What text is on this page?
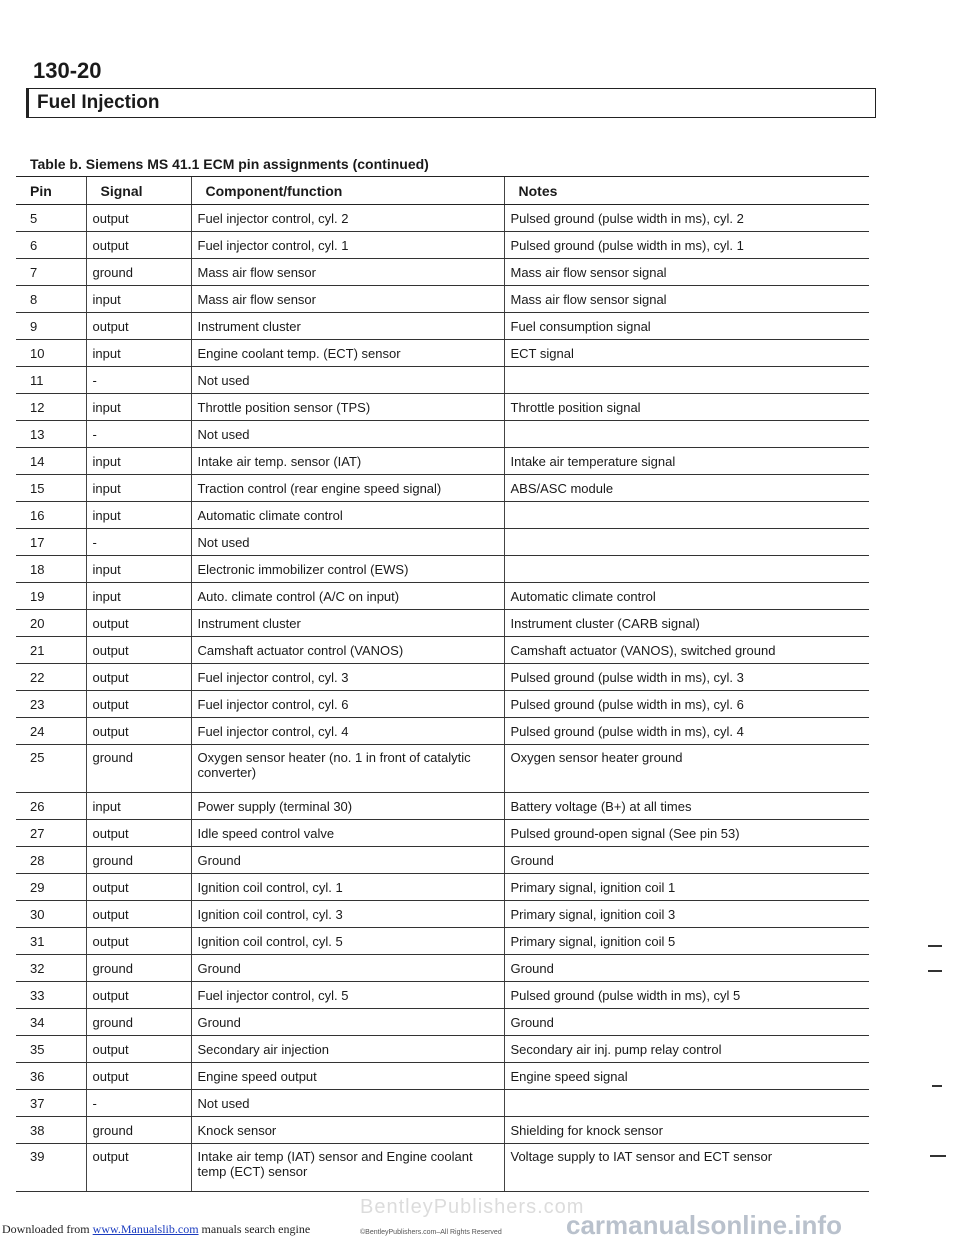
130-20
Fuel Injection
Table b. Siemens MS 41.1 ECM pin assignments (continued)
Pin	Signal	Component/function	Notes
5	output	Fuel injector control, cyl. 2	Pulsed ground (pulse width in ms), cyl. 2
6	output	Fuel injector control, cyl. 1	Pulsed ground (pulse width in ms), cyl. 1
7	ground	Mass air flow sensor	Mass air flow sensor signal
8	input	Mass air flow sensor	Mass air flow sensor signal
9	output	Instrument cluster	Fuel consumption signal
10	input	Engine coolant temp. (ECT) sensor	ECT signal
11	-	Not used	
12	input	Throttle position sensor (TPS)	Throttle position signal
13	-	Not used	
14	input	Intake air temp. sensor (IAT)	Intake air temperature signal
15	input	Traction control (rear engine speed signal)	ABS/ASC module
16	input	Automatic climate control	
17	-	Not used	
18	input	Electronic immobilizer control (EWS)	
19	input	Auto. climate control (A/C on input)	Automatic climate control
20	output	Instrument cluster	Instrument cluster (CARB signal)
21	output	Camshaft actuator control (VANOS)	Camshaft actuator (VANOS), switched ground
22	output	Fuel injector control, cyl. 3	Pulsed ground (pulse width in ms), cyl. 3
23	output	Fuel injector control, cyl. 6	Pulsed ground (pulse width in ms), cyl. 6
24	output	Fuel injector control, cyl. 4	Pulsed ground (pulse width in ms), cyl. 4
25	ground	Oxygen sensor heater (no. 1 in front of catalytic converter)	Oxygen sensor heater ground
26	input	Power supply (terminal 30)	Battery voltage (B+) at all times
27	output	Idle speed control valve	Pulsed ground-open signal (See pin 53)
28	ground	Ground	Ground
29	output	Ignition coil control, cyl. 1	Primary signal, ignition coil 1
30	output	Ignition coil control, cyl. 3	Primary signal, ignition coil 3
31	output	Ignition coil control, cyl. 5	Primary signal, ignition coil 5
32	ground	Ground	Ground
33	output	Fuel injector control, cyl. 5	Pulsed ground (pulse width in ms), cyl 5
34	ground	Ground	Ground
35	output	Secondary air injection	Secondary air inj. pump relay control
36	output	Engine speed output	Engine speed signal
37	-	Not used	
38	ground	Knock sensor	Shielding for knock sensor
39	output	Intake air temp (IAT) sensor and Engine coolant temp (ECT) sensor	Voltage supply to IAT sensor and ECT sensor
BentleyPublishers.com
Downloaded from www.Manualslib.com manuals search engine	©BentleyPublishers.com–All Rights Reserved carmanualsonline.info
